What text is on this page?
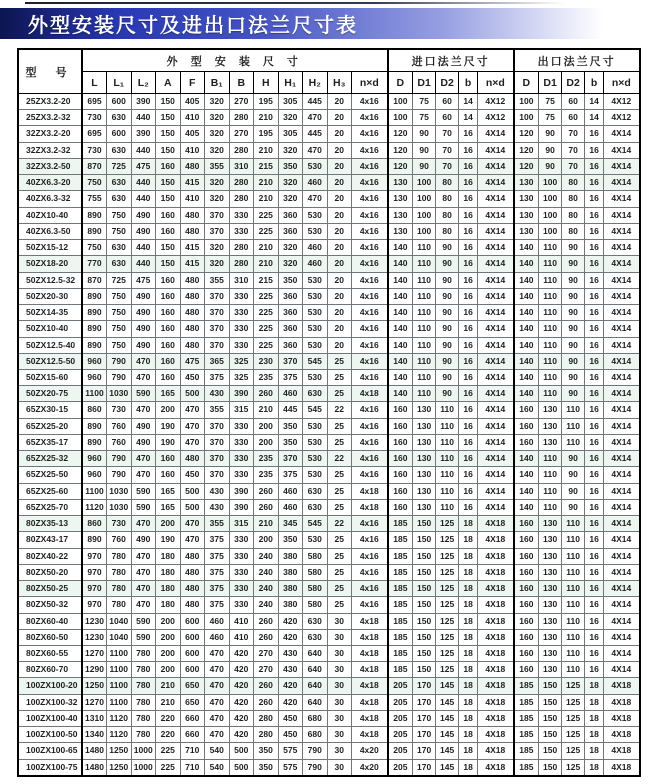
外型安装尺寸及进出口法兰尺寸表
型 号	外 型 安 装 尺 寸												进口法兰尺寸					出口法兰尺寸				
	L	L₁	L₂	A	F	B₁	B	H	H₁	H₂	H₃	n×d	D	D1	D2	b	n×d	D	D1	D2	b	n×d
25ZX3.2-20	695	600	390	150	405	320	270	195	305	445	20	4x16	100	75	60	14	4X12	100	75	60	14	4X12
25ZX3.2-32	730	630	440	150	410	320	280	210	320	470	20	4x16	100	75	60	14	4X12	100	75	60	14	4X12
32ZX3.2-20	695	600	390	150	405	320	270	195	305	445	20	4x16	120	90	70	16	4X14	120	90	70	16	4X14
32ZX3.2-32	730	630	440	150	410	320	280	210	320	470	20	4x16	120	90	70	16	4X14	120	90	70	16	4X14
32ZX3.2-50	870	725	475	160	480	355	310	215	350	530	20	4x16	120	90	70	16	4X14	120	90	70	16	4X14
40ZX6.3-20	750	630	440	150	415	320	280	210	320	460	20	4x16	130	100	80	16	4X14	130	100	80	16	4X14
40ZX6.3-32	755	630	440	150	410	320	280	210	320	470	20	4x16	130	100	80	16	4X14	130	100	80	16	4X14
40ZX10-40	890	750	490	160	480	370	330	225	360	530	20	4x16	130	100	80	16	4X14	130	100	80	16	4X14
40ZX6.3-50	890	750	490	160	480	370	330	225	360	530	20	4x16	130	100	80	16	4X14	130	100	80	16	4X14
50ZX15-12	750	630	440	150	415	320	280	210	320	460	20	4x16	140	110	90	16	4X14	140	110	90	16	4X14
50ZX18-20	770	630	440	150	415	320	280	210	320	460	20	4x16	140	110	90	16	4X14	140	110	90	16	4X14
50ZX12.5-32	870	725	475	160	480	355	310	215	350	530	20	4x16	140	110	90	16	4X14	140	110	90	16	4X14
50ZX20-30	890	750	490	160	480	370	330	225	360	530	20	4x16	140	110	90	16	4X14	140	110	90	16	4X14
50ZX14-35	890	750	490	160	480	370	330	225	360	530	20	4x16	140	110	90	16	4X14	140	110	90	16	4X14
50ZX10-40	890	750	490	160	480	370	330	225	360	530	20	4x16	140	110	90	16	4X14	140	110	90	16	4X14
50ZX12.5-40	890	750	490	160	480	370	330	225	360	530	20	4x16	140	110	90	16	4X14	140	110	90	16	4X14
50ZX12.5-50	960	790	470	160	475	365	325	230	370	545	25	4x16	140	110	90	16	4X14	140	110	90	16	4X14
50ZX15-60	960	790	470	160	450	375	325	235	375	530	25	4x16	140	110	90	16	4X14	140	110	90	16	4X14
50ZX20-75	1100	1030	590	165	500	430	390	260	460	630	25	4x18	140	110	90	16	4X14	140	110	90	16	4X14
65ZX30-15	860	730	470	200	470	355	315	210	445	545	22	4x16	160	130	110	16	4X14	160	130	110	16	4X14
65ZX25-20	890	760	490	190	470	370	330	200	350	530	25	4x16	160	130	110	16	4X14	160	130	110	16	4X14
65ZX35-17	890	760	490	190	470	370	330	200	350	530	25	4x16	160	130	110	16	4X14	160	130	110	16	4X14
65ZX25-32	960	790	470	160	480	370	330	235	370	530	22	4x16	160	130	110	16	4X14	140	110	90	16	4X14
65ZX25-50	960	790	470	160	450	370	330	235	375	530	25	4x16	160	130	110	16	4X14	140	110	90	16	4X14
65ZX25-60	1100	1030	590	165	500	430	390	260	460	630	25	4x18	160	130	110	16	4X14	140	110	90	16	4X14
65ZX25-70	1120	1030	590	165	500	430	390	260	460	630	25	4x18	160	130	110	16	4X14	140	110	90	16	4X14
80ZX35-13	860	730	470	200	470	355	315	210	345	545	22	4x16	185	150	125	18	4X18	160	130	110	16	4X14
80ZX43-17	890	760	490	190	470	375	330	200	350	530	25	4x16	185	150	125	18	4X18	160	130	110	16	4X14
80ZX40-22	970	780	470	180	480	375	330	240	380	580	25	4x16	185	150	125	18	4X18	160	130	110	16	4X14
80ZX50-20	970	780	470	180	480	375	330	240	380	580	25	4x16	185	150	125	18	4X18	160	130	110	16	4X14
80ZX50-25	970	780	470	180	480	375	330	240	380	580	25	4x16	185	150	125	18	4X18	160	130	110	16	4X14
80ZX50-32	970	780	470	180	480	375	330	240	380	580	25	4x16	185	150	125	18	4X18	160	130	110	16	4X14
80ZX60-40	1230	1040	590	200	600	460	410	260	420	630	30	4x18	185	150	125	18	4X18	160	130	110	16	4X14
80ZX60-50	1230	1040	590	200	600	460	410	260	420	630	30	4x18	185	150	125	18	4X18	160	130	110	16	4X14
80ZX60-55	1270	1100	780	200	600	470	420	270	430	640	30	4x18	185	150	125	18	4X18	160	130	110	16	4X14
80ZX60-70	1290	1100	780	200	600	470	420	270	430	640	30	4x18	185	150	125	18	4X18	160	130	110	16	4X14
100ZX100-20	1250	1100	780	210	650	470	420	260	420	640	30	4x18	205	170	145	18	4X18	185	150	125	18	4X18
100ZX100-32	1270	1100	780	210	650	470	420	260	420	640	30	4x18	205	170	145	18	4X18	185	150	125	18	4X18
100ZX100-40	1310	1120	780	220	660	470	420	280	450	680	30	4x18	205	170	145	18	4X18	185	150	125	18	4X18
100ZX100-50	1340	1120	780	220	660	470	420	280	450	680	30	4x18	205	170	145	18	4X18	185	150	125	18	4X18
100ZX100-65	1480	1250	1000	225	710	540	500	350	575	790	30	4x20	205	170	145	18	4X18	185	150	125	18	4X18
100ZX100-75	1480	1250	1000	225	710	540	500	350	575	790	30	4x20	205	170	145	18	4X18	185	150	125	18	4X18
